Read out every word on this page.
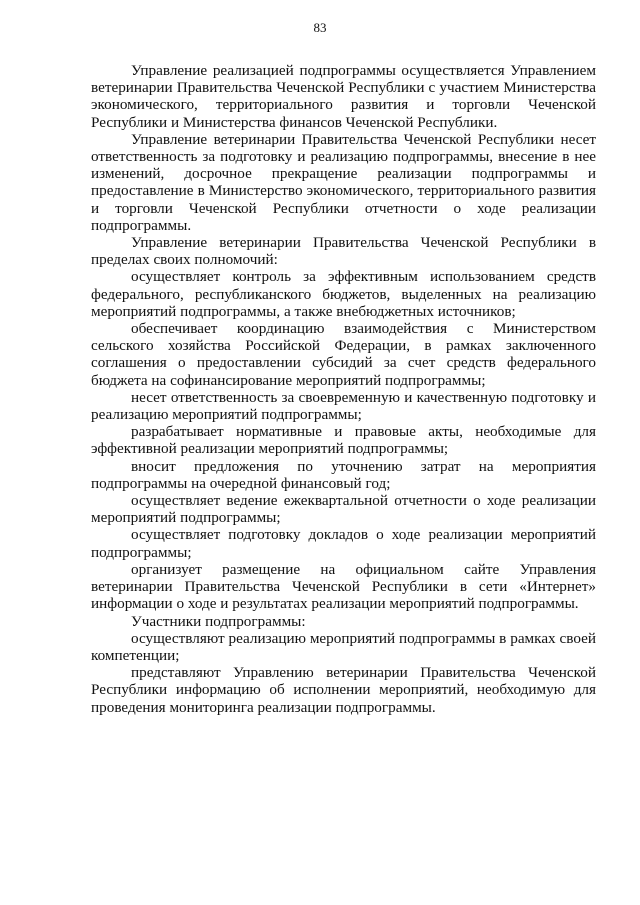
83

Управление реализацией подпрограммы осуществляется Управлением ветеринарии Правительства Чеченской Республики с участием Министерства экономического, территориального развития и торговли Чеченской Республики и Министерства финансов Чеченской Республики.

Управление ветеринарии Правительства Чеченской Республики несет ответственность за подготовку и реализацию подпрограммы, внесение в нее изменений, досрочное прекращение реализации подпрограммы и предоставление в Министерство экономического, территориального развития и торговли Чеченской Республики отчетности о ходе реализации подпрограммы.

Управление ветеринарии Правительства Чеченской Республики в пределах своих полномочий:

осуществляет контроль за эффективным использованием средств федерального, республиканского бюджетов, выделенных на реализацию мероприятий подпрограммы, а также внебюджетных источников;

обеспечивает координацию взаимодействия с Министерством сельского хозяйства Российской Федерации, в рамках заключенного соглашения о предоставлении субсидий за счет средств федерального бюджета на софинансирование мероприятий подпрограммы;

несет ответственность за своевременную и качественную подготовку и реализацию мероприятий подпрограммы;

разрабатывает нормативные и правовые акты, необходимые для эффективной реализации мероприятий подпрограммы;

вносит предложения по уточнению затрат на мероприятия подпрограммы на очередной финансовый год;

осуществляет ведение ежеквартальной отчетности о ходе реализации мероприятий подпрограммы;

осуществляет подготовку докладов о ходе реализации мероприятий подпрограммы;

организует размещение на официальном сайте Управления ветеринарии Правительства Чеченской Республики в сети «Интернет» информации о ходе и результатах реализации мероприятий подпрограммы.

Участники подпрограммы:

осуществляют реализацию мероприятий подпрограммы в рамках своей компетенции;

представляют Управлению ветеринарии Правительства Чеченской Республики информацию об исполнении мероприятий, необходимую для проведения мониторинга реализации подпрограммы.
